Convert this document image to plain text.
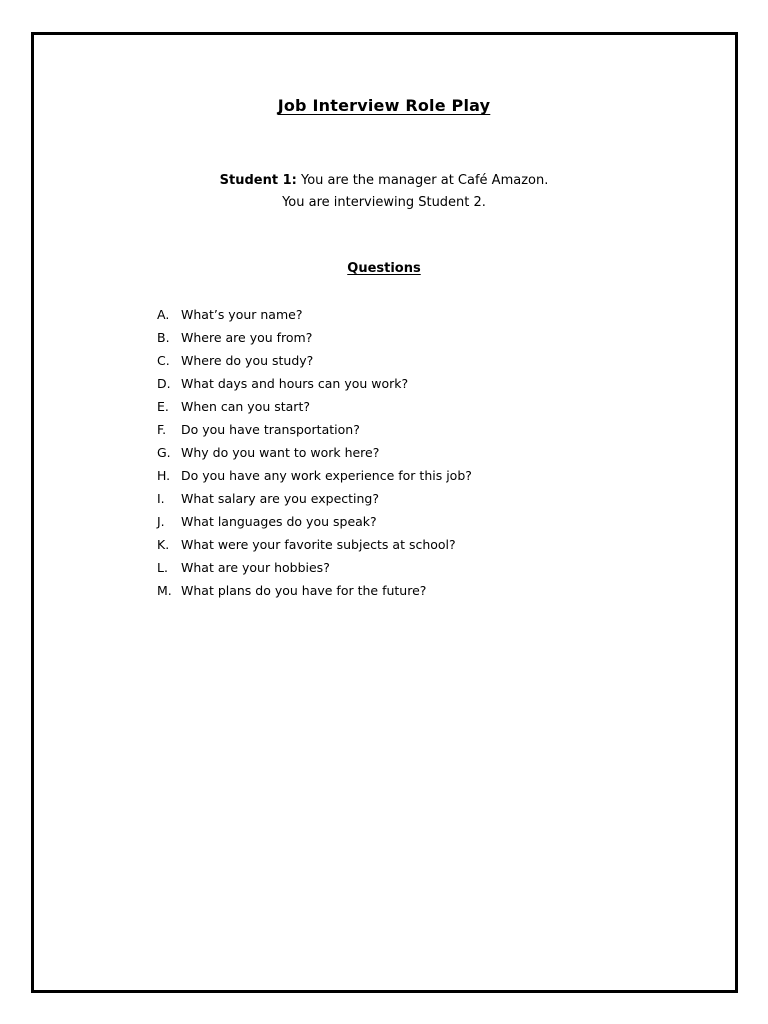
Job Interview Role Play
Student 1: You are the manager at Café Amazon.
You are interviewing Student 2.
Questions
A. What’s your name?
B. Where are you from?
C. Where do you study?
D. What days and hours can you work?
E. When can you start?
F. Do you have transportation?
G. Why do you want to work here?
H. Do you have any work experience for this job?
I. What salary are you expecting?
J. What languages do you speak?
K. What were your favorite subjects at school?
L. What are your hobbies?
M. What plans do you have for the future?
